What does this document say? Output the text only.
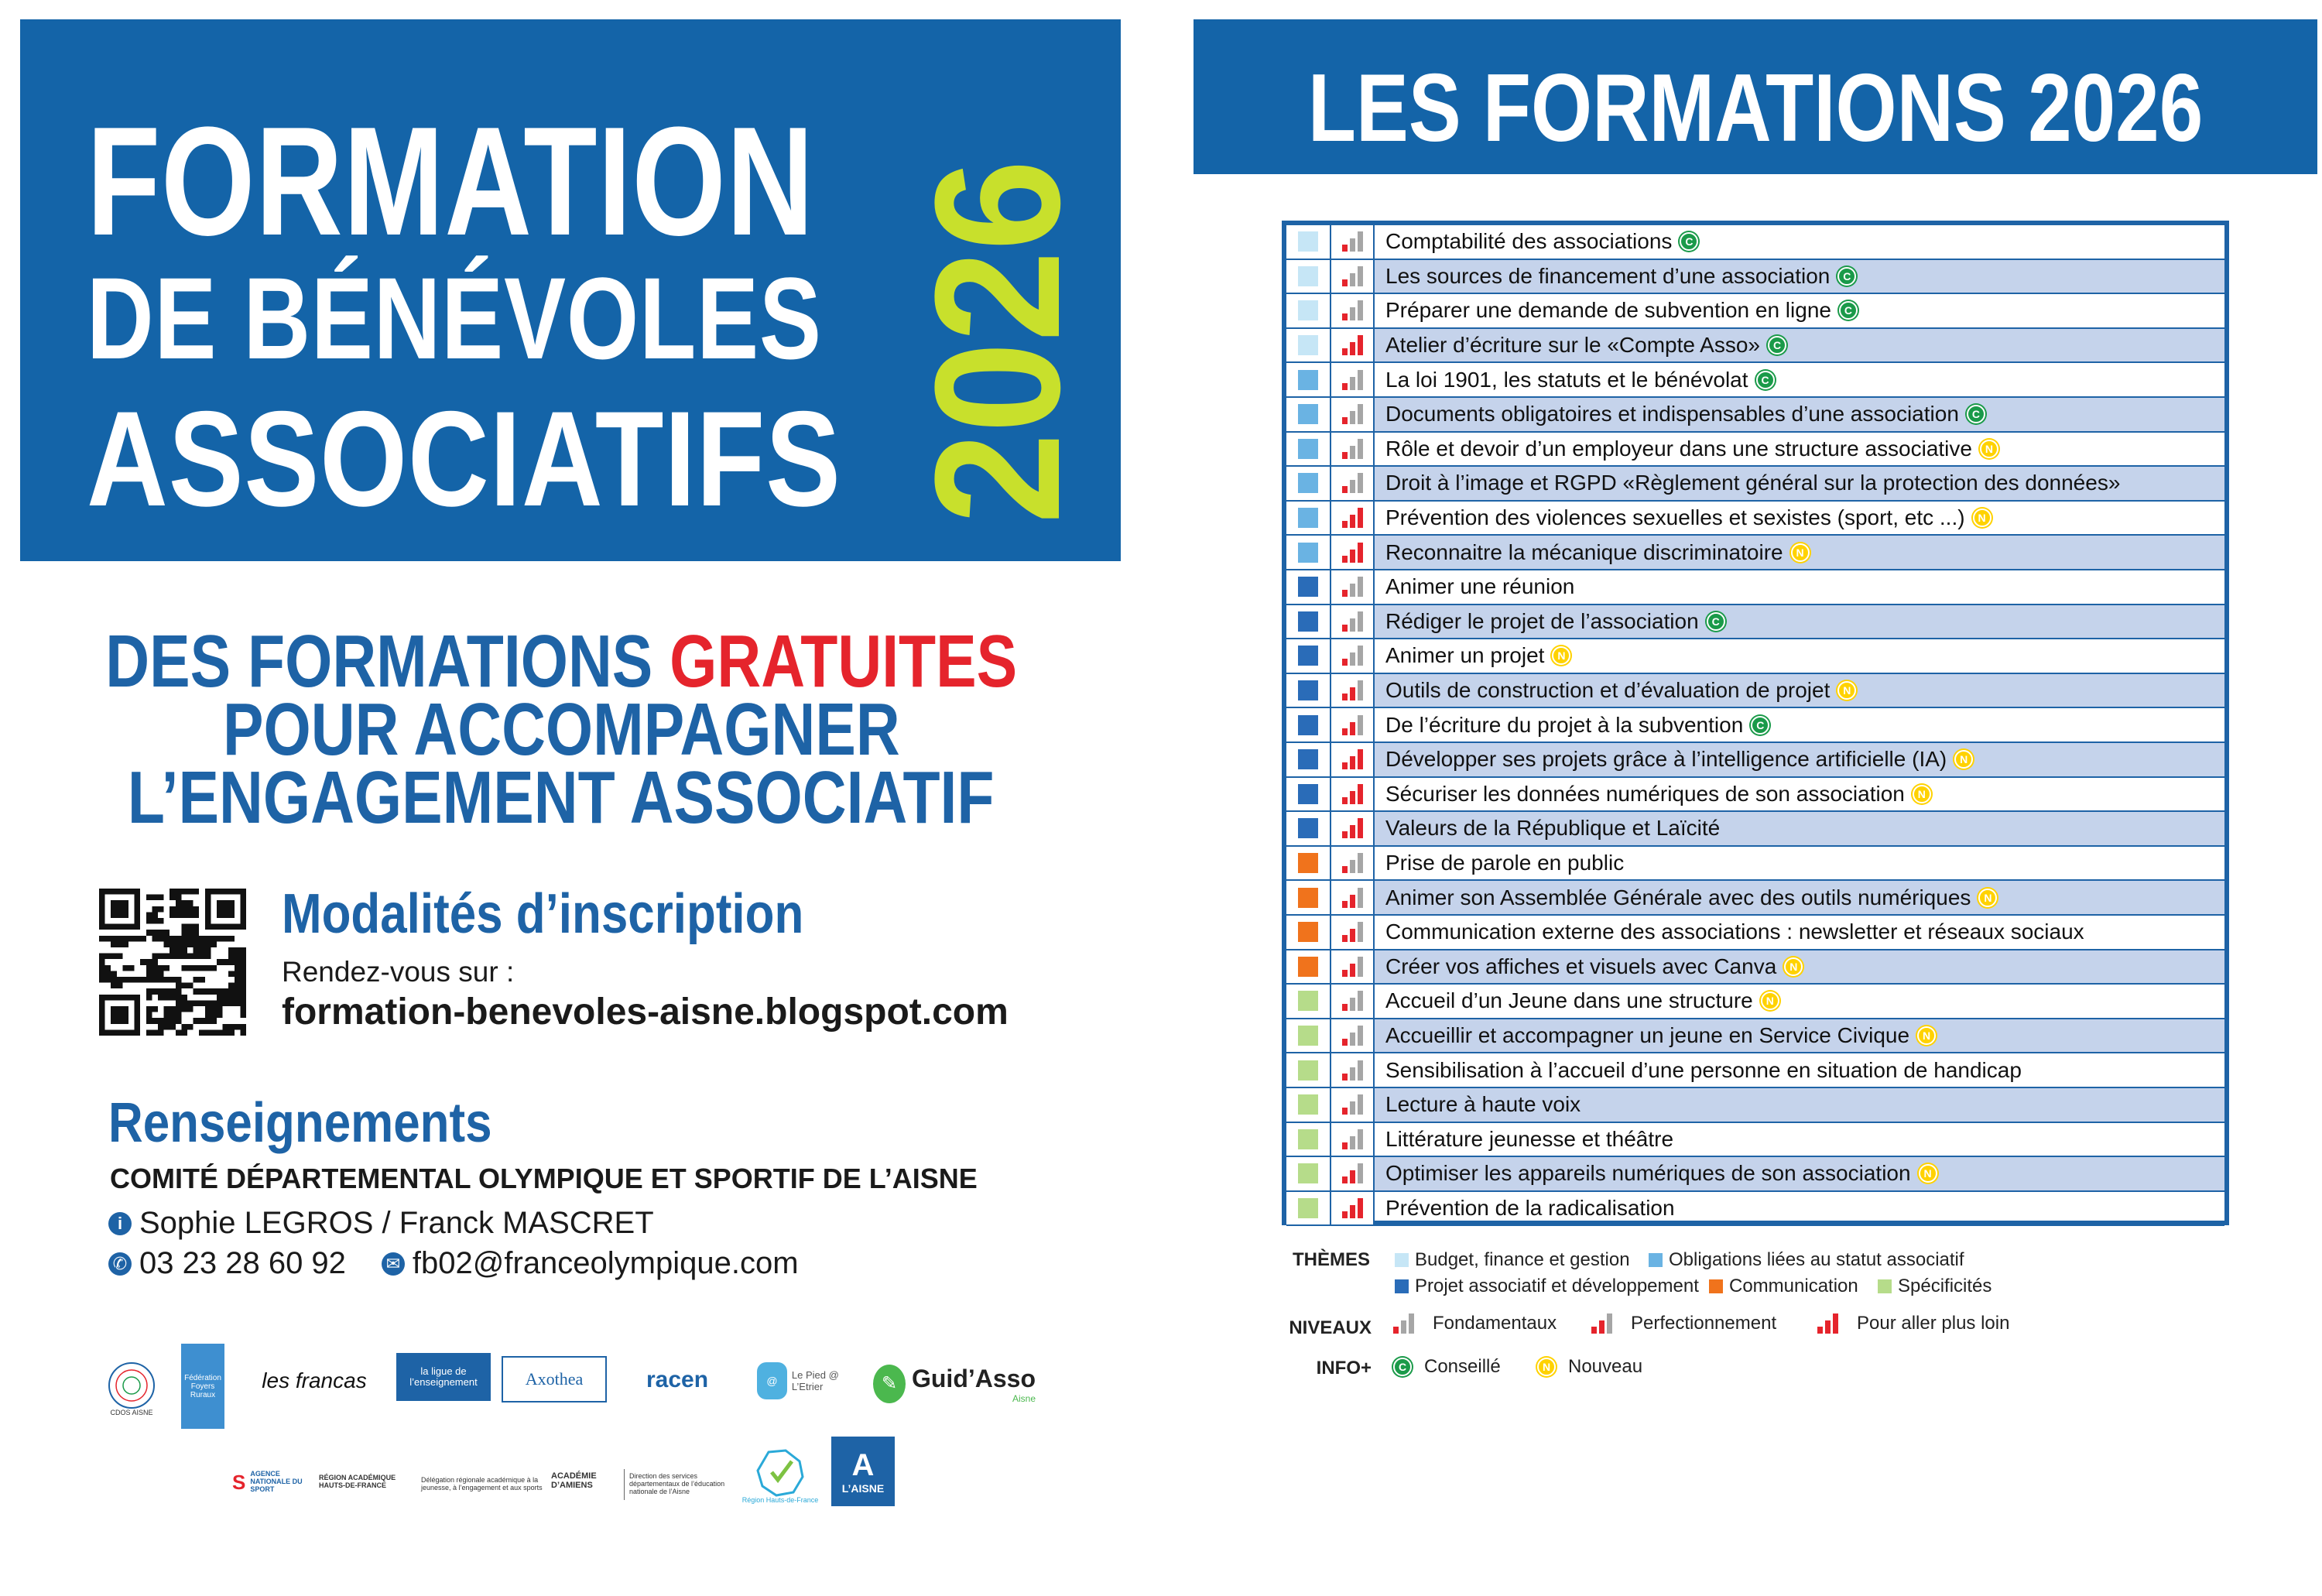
FORMATION
DE BÉNÉVOLES
ASSOCIATIFS 2026
DES FORMATIONS GRATUITES
POUR ACCOMPAGNER
L’ENGAGEMENT ASSOCIATIF
Modalités d’inscription
Rendez-vous sur :
formation-benevoles-aisne.blogspot.com
Renseignements
COMITÉ DÉPARTEMENTAL OLYMPIQUE ET SPORTIF DE L’AISNE
i Sophie LEGROS / Franck MASCRET
✆ 03 23 28 60 92 ✉ fb02@franceolympique.com
CDOS AISNE
Fédération Foyers Ruraux
les francas	la ligue de l’enseignement	Axothea	racen	@	Le Pied @ L’Etrier	✎ Guid’Asso
Aisne
S AGENCE NATIONALE DU SPORT
RÉGION ACADÉMIQUE HAUTS-DE-FRANCE
Délégation régionale académique à la jeunesse, à l’engagement et aux sports
ACADÉMIE D’AMIENS
Direction des services départementaux de l’éducation nationale de l’Aisne
Région Hauts-de-France
A
L’AISNE
LES FORMATIONS 2026
Comptabilité des associations	C
Les sources de financement d’une association	C
Préparer une demande de subvention en ligne	C
Atelier d’écriture sur le «Compte Asso»	C
La loi 1901, les statuts et le bénévolat	C
Documents obligatoires et indispensables d’une association	C
Rôle et devoir d’un employeur dans une structure associative	N
Droit à l’image et RGPD «Règlement général sur la protection des données»
Prévention des violences sexuelles et sexistes (sport, etc ...)	N
Reconnaitre la mécanique discriminatoire	N
Animer une réunion
Rédiger le projet de l’association	C
Animer un projet	N
Outils de construction et d’évaluation de projet	N
De l’écriture du projet à la subvention	C
Développer ses projets grâce à l’intelligence artificielle (IA)	N
Sécuriser les données numériques de son association	N
Valeurs de la République et Laïcité
Prise de parole en public
Animer son Assemblée Générale avec des outils numériques	N
Communication externe des associations : newsletter et réseaux sociaux
Créer vos affiches et visuels avec Canva	N
Accueil d’un Jeune dans une structure	N
Accueillir et accompagner un jeune en Service Civique	N
Sensibilisation à l’accueil d’une personne en situation de handicap
Lecture à haute voix
Littérature jeunesse et théâtre
Optimiser les appareils numériques de son association	N
Prévention de la radicalisation
THÈMES Budget, finance et gestion Obligations liées au statut associatif
Projet associatif et développement Communication Spécificités
NIVEAUX	Fondamentaux	Perfectionnement	Pour aller plus loin
INFO+	C Conseillé	N Nouveau
